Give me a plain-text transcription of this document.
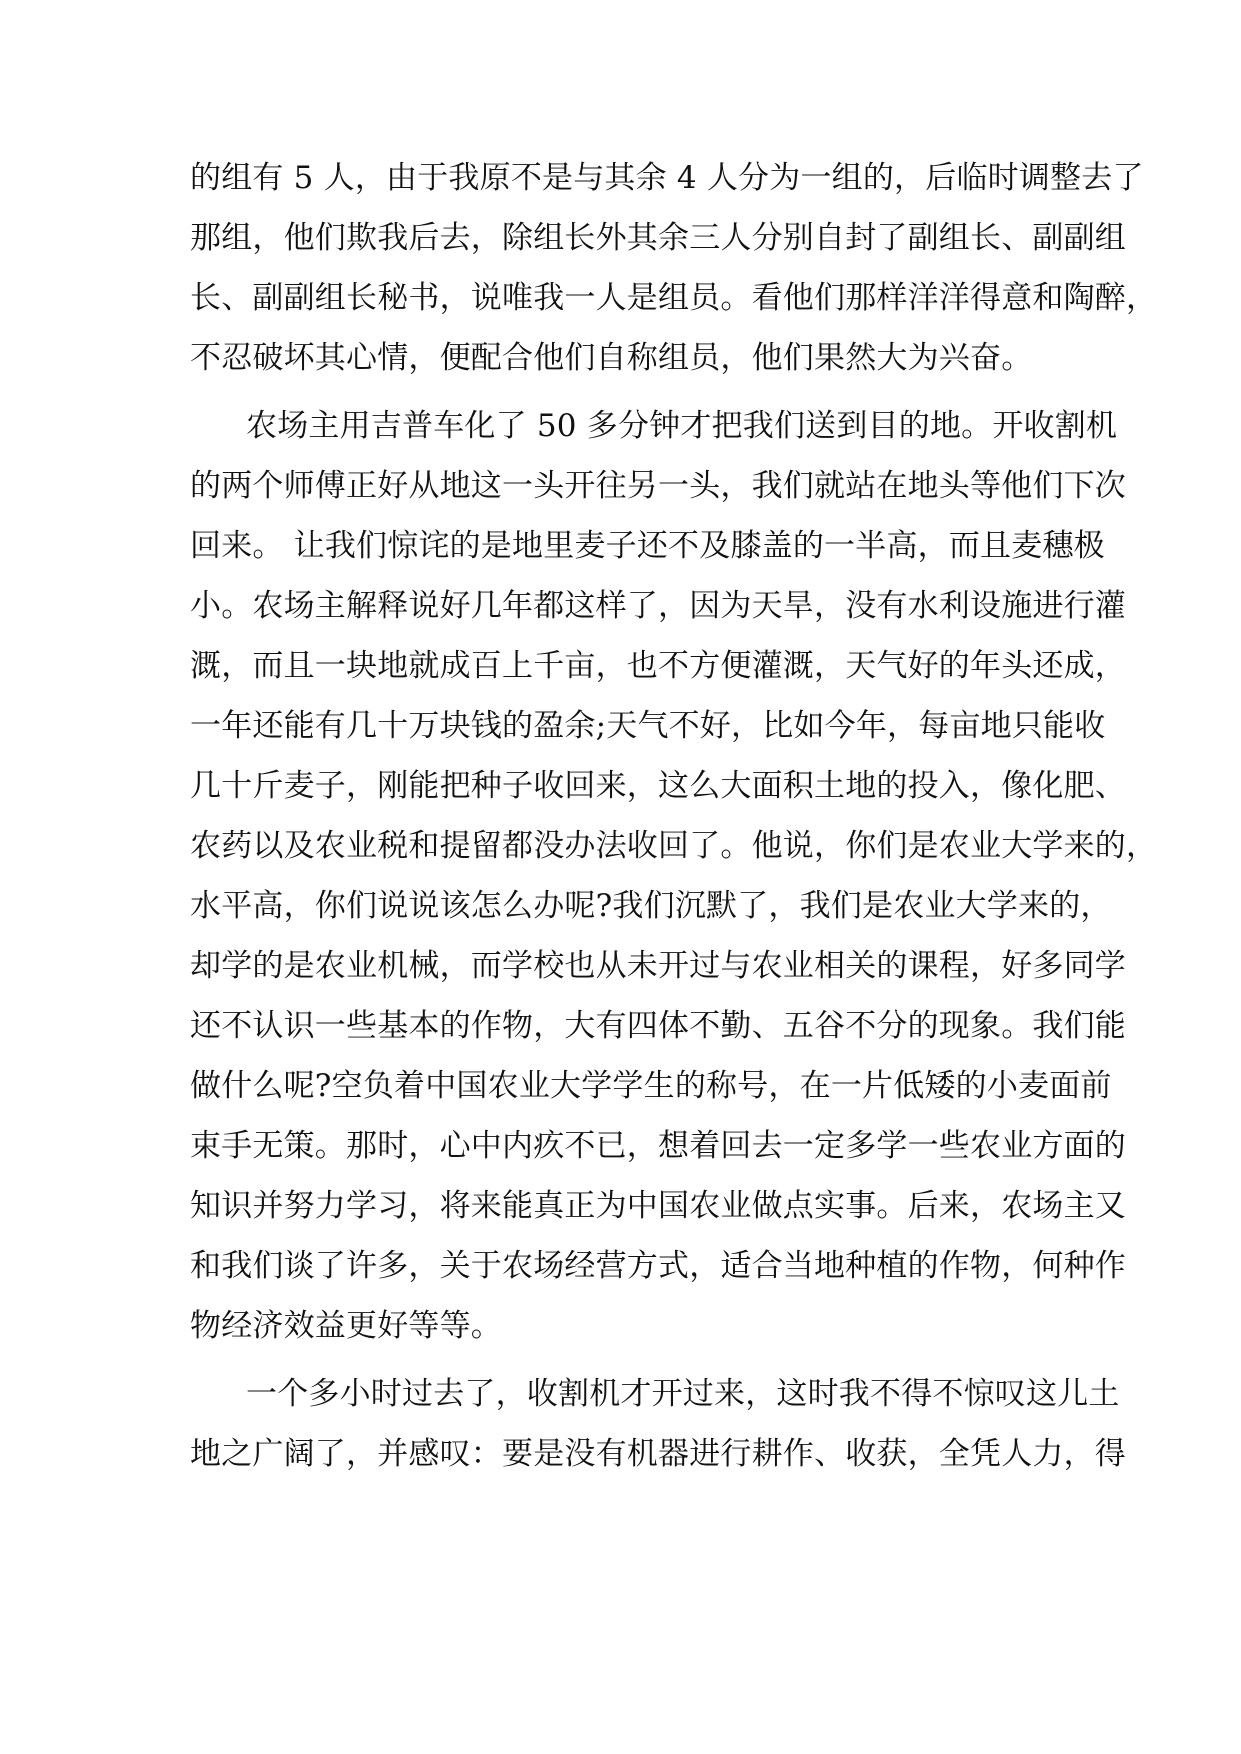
的组有 5 人，由于我原不是与其余 4 人分为一组的，后临时调整去了
那组，他们欺我后去，除组长外其余三人分别自封了副组长、副副组
长、副副组长秘书，说唯我一人是组员。看他们那样洋洋得意和陶醉，
不忍破坏其心情，便配合他们自称组员，他们果然大为兴奋。
农场主用吉普车化了 50 多分钟才把我们送到目的地。开收割机
的两个师傅正好从地这一头开往另一头，我们就站在地头等他们下次
回来。 让我们惊诧的是地里麦子还不及膝盖的一半高，而且麦穗极
小。农场主解释说好几年都这样了，因为天旱，没有水利设施进行灌
溉，而且一块地就成百上千亩，也不方便灌溉，天气好的年头还成，
一年还能有几十万块钱的盈余;天气不好，比如今年，每亩地只能收
几十斤麦子，刚能把种子收回来，这么大面积土地的投入，像化肥、
农药以及农业税和提留都没办法收回了。他说，你们是农业大学来的，
水平高，你们说说该怎么办呢?我们沉默了，我们是农业大学来的，
却学的是农业机械，而学校也从未开过与农业相关的课程，好多同学
还不认识一些基本的作物，大有四体不勤、五谷不分的现象。我们能
做什么呢?空负着中国农业大学学生的称号，在一片低矮的小麦面前
束手无策。那时，心中内疚不已，想着回去一定多学一些农业方面的
知识并努力学习，将来能真正为中国农业做点实事。后来，农场主又
和我们谈了许多，关于农场经营方式，适合当地种植的作物，何种作
物经济效益更好等等。
一个多小时过去了，收割机才开过来，这时我不得不惊叹这儿土
地之广阔了，并感叹：要是没有机器进行耕作、收获，全凭人力，得
